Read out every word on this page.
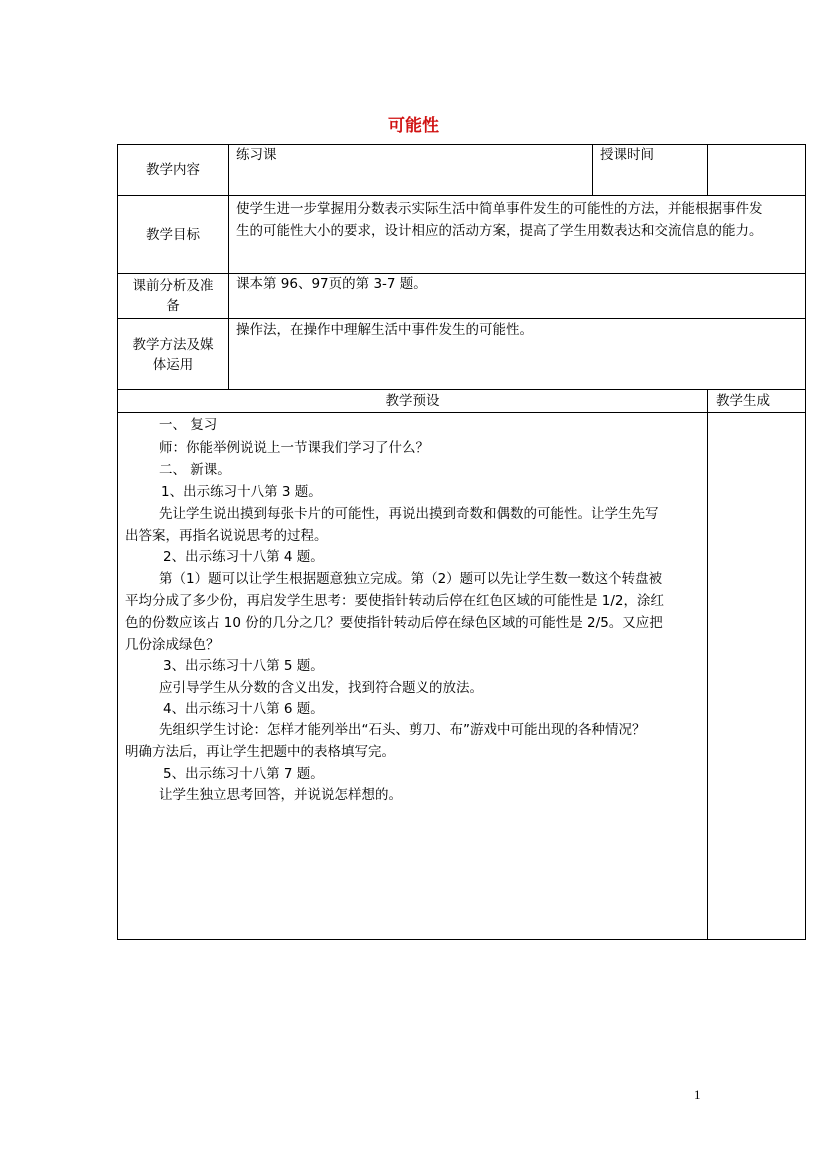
可能性
教学内容
练习课	授课时间
教学目标
使学生进一步掌握用分数表示实际生活中简单事件发生的可能性的方法，并能根据事件发
生的可能性大小的要求，设计相应的活动方案，提高了学生用数表达和交流信息的能力。
课前分析及准
备
课本第 96、97页的第 3-7 题。
教学方法及媒
体运用
操作法，在操作中理解生活中事件发生的可能性。
教学预设	教学生成
一、 复习
师：你能举例说说上一节课我们学习了什么？
二、 新课。
1、出示练习十八第 3 题。
先让学生说出摸到每张卡片的可能性，再说出摸到奇数和偶数的可能性。让学生先写
出答案，再指名说说思考的过程。
2、出示练习十八第 4 题。
第（1）题可以让学生根据题意独立完成。第（2）题可以先让学生数一数这个转盘被
平均分成了多少份，再启发学生思考：要使指针转动后停在红色区域的可能性是 1/2，涂红
色的份数应该占 10 份的几分之几？要使指针转动后停在绿色区域的可能性是 2/5。又应把
几份涂成绿色？
3、出示练习十八第 5 题。
应引导学生从分数的含义出发，找到符合题义的放法。
4、出示练习十八第 6 题。
先组织学生讨论：怎样才能列举出“石头、剪刀、布”游戏中可能出现的各种情况？
明确方法后，再让学生把题中的表格填写完。
5、出示练习十八第 7 题。
让学生独立思考回答，并说说怎样想的。
1
